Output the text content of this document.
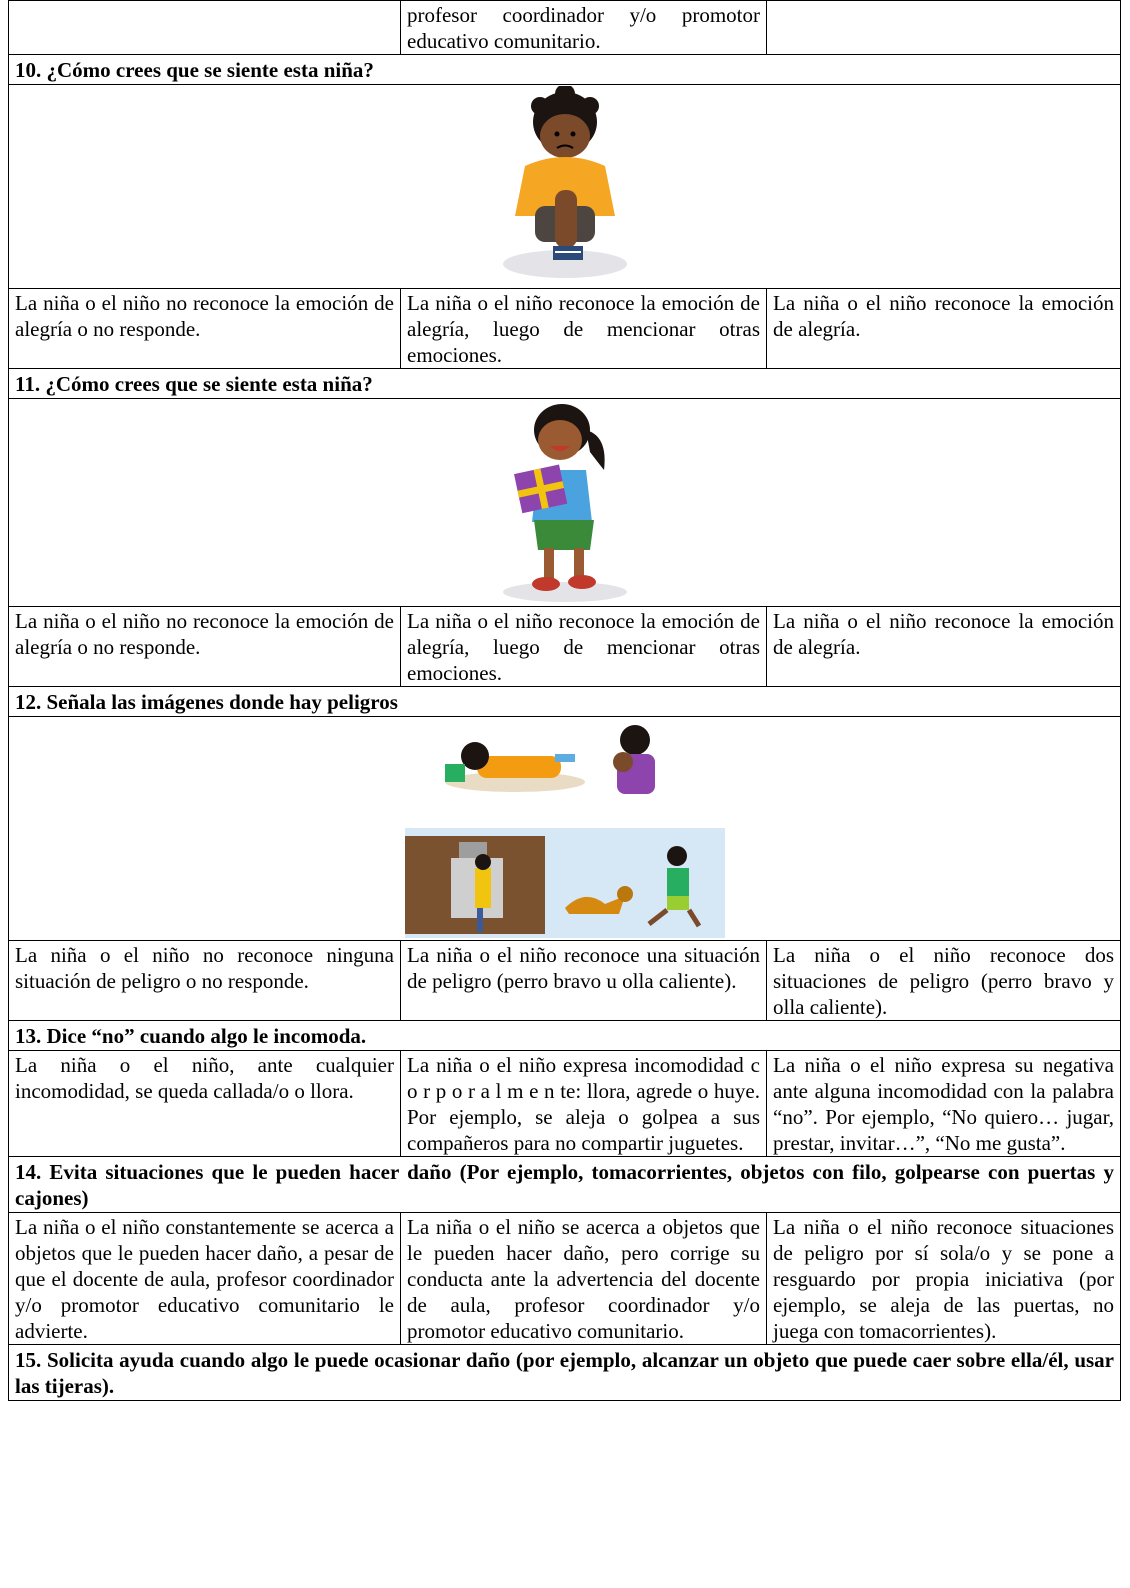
	profesor coordinador y/o promotor educativo comunitario.	
10. ¿Cómo crees que se siente esta niña?		

La niña o el niño no reconoce la emoción de alegría o no responde.	La niña o el niño reconoce la emoción de alegría, luego de mencionar otras emociones.	La niña o el niño reconoce la emoción de alegría.
11. ¿Cómo crees que se siente esta niña?		

La niña o el niño no reconoce la emoción de alegría o no responde.	La niña o el niño reconoce la emoción de alegría, luego de mencionar otras emociones.	La niña o el niño reconoce la emoción de alegría.
12. Señala las imágenes donde hay peligros		

La niña o el niño no reconoce ninguna situación de peligro o no responde.	La niña o el niño reconoce una situación de peligro (perro bravo u olla caliente).	La niña o el niño reconoce dos situaciones de peligro (perro bravo y olla caliente).
13. Dice “no” cuando algo le incomoda.		
La niña o el niño, ante cualquier incomodidad, se queda callada/o o llora.	La niña o el niño expresa incomodidad c o r p o r a l m e n te: llora, agrede o huye. Por ejemplo, se aleja o golpea a sus compañeros para no compartir juguetes.	La niña o el niño expresa su negativa ante alguna incomodidad con la palabra “no”. Por ejemplo, “No quiero… jugar, prestar, invitar…”, “No me gusta”.
14. Evita situaciones que le pueden hacer daño (Por ejemplo, tomacorrientes, objetos con filo, golpearse con puertas y cajones)		
La niña o el niño constantemente se acerca a objetos que le pueden hacer daño, a pesar de que el docente de aula, profesor coordinador y/o promotor educativo comunitario le advierte.	La niña o el niño se acerca a objetos que le pueden hacer daño, pero corrige su conducta ante la advertencia del docente de aula, profesor coordinador y/o promotor educativo comunitario.	La niña o el niño reconoce situaciones de peligro por sí sola/o y se pone a resguardo por propia iniciativa (por ejemplo, se aleja de las puertas, no juega con tomacorrientes).
15. Solicita ayuda cuando algo le puede ocasionar daño (por ejemplo, alcanzar un objeto que puede caer sobre ella/él, usar las tijeras).		
